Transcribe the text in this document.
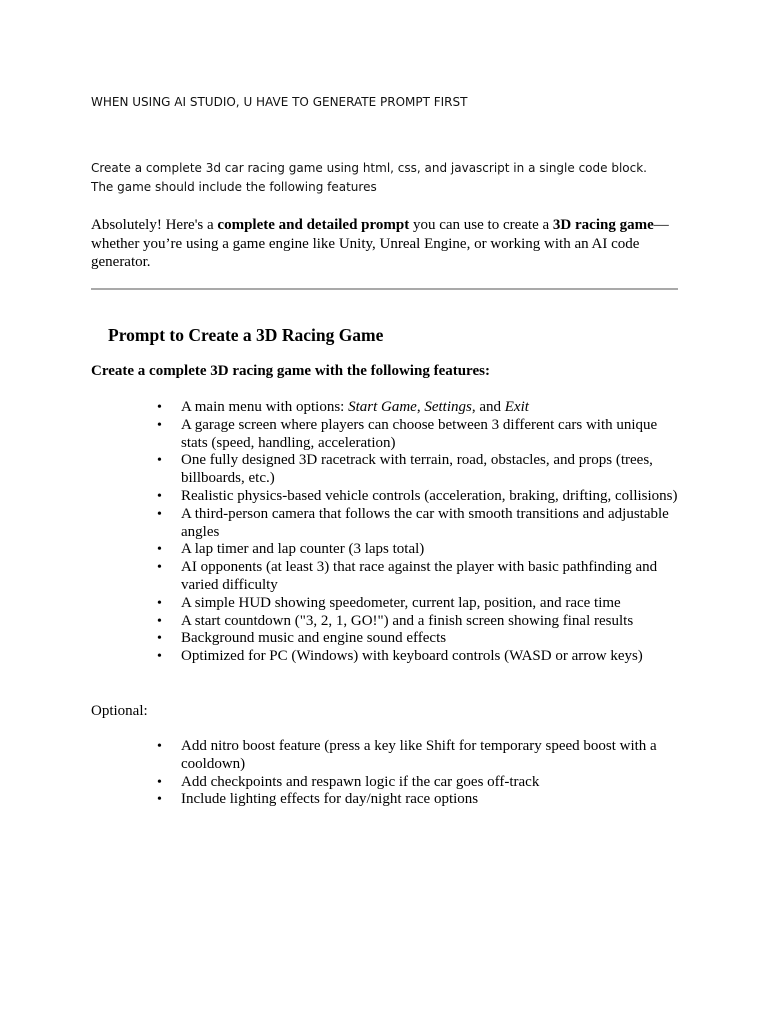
WHEN USING AI STUDIO, U HAVE TO GENERATE PROMPT FIRST
Create a complete 3d car racing game using html, css, and javascript in a single code block. The game should include the following features

Absolutely! Here's a complete and detailed prompt you can use to create a 3D racing game—whether you’re using a game engine like Unity, Unreal Engine, or working with an AI code generator.

Prompt to Create a 3D Racing Game

Create a complete 3D racing game with the following features:

• A main menu with options: Start Game, Settings, and Exit
• A garage screen where players can choose between 3 different cars with unique stats (speed, handling, acceleration)
• One fully designed 3D racetrack with terrain, road, obstacles, and props (trees, billboards, etc.)
• Realistic physics-based vehicle controls (acceleration, braking, drifting, collisions)
• A third-person camera that follows the car with smooth transitions and adjustable angles
• A lap timer and lap counter (3 laps total)
• AI opponents (at least 3) that race against the player with basic pathfinding and varied difficulty
• A simple HUD showing speedometer, current lap, position, and race time
• A start countdown ("3, 2, 1, GO!") and a finish screen showing final results
• Background music and engine sound effects
• Optimized for PC (Windows) with keyboard controls (WASD or arrow keys)

Optional:

• Add nitro boost feature (press a key like Shift for temporary speed boost with a cooldown)
• Add checkpoints and respawn logic if the car goes off-track
• Include lighting effects for day/night race options
